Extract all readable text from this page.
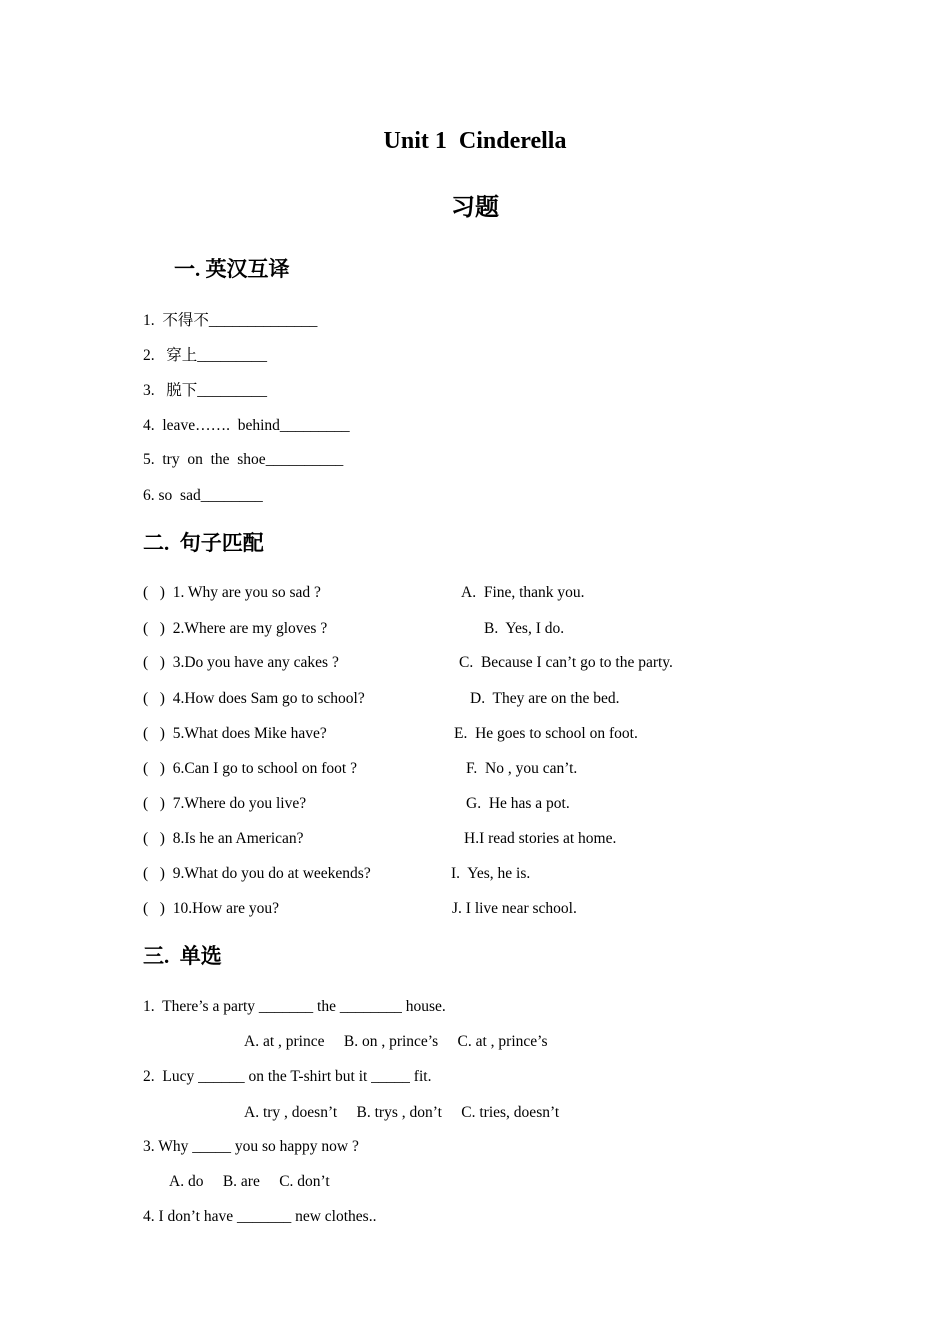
Unit 1  Cinderella
习题
一. 英汉互译
1.  不得不______________
2.   穿上_________
3.   脱下_________
4.  leave…….  behind_________
5.  try  on  the  shoe__________
6. so  sad________
二.  句子匹配
(   )  1. Why are you so sad ?	A.  Fine, thank you.
(   )  2.Where are my gloves ?	B.  Yes, I do.
(   )  3.Do you have any cakes ?	C.  Because I can’t go to the party.
(   )  4.How does Sam go to school?	D.  They are on the bed.
(   )  5.What does Mike have?	E.  He goes to school on foot.
(   )  6.Can I go to school on foot ?	F.  No , you can’t.
(   )  7.Where do you live?	G.  He has a pot.
(   )  8.Is he an American?	H.I read stories at home.
(   )  9.What do you do at weekends?	I.  Yes, he is.
(   )  10.How are you?	J. I live near school.
三.  单选
1.  There’s a party _______ the ________ house.
A. at , prince     B. on , prince’s     C. at , prince’s
2.  Lucy ______ on the T-shirt but it _____ fit.
A. try , doesn’t     B. trys , don’t     C. tries, doesn’t
3. Why _____ you so happy now ?
A. do     B. are     C. don’t
4. I don’t have _______ new clothes..
